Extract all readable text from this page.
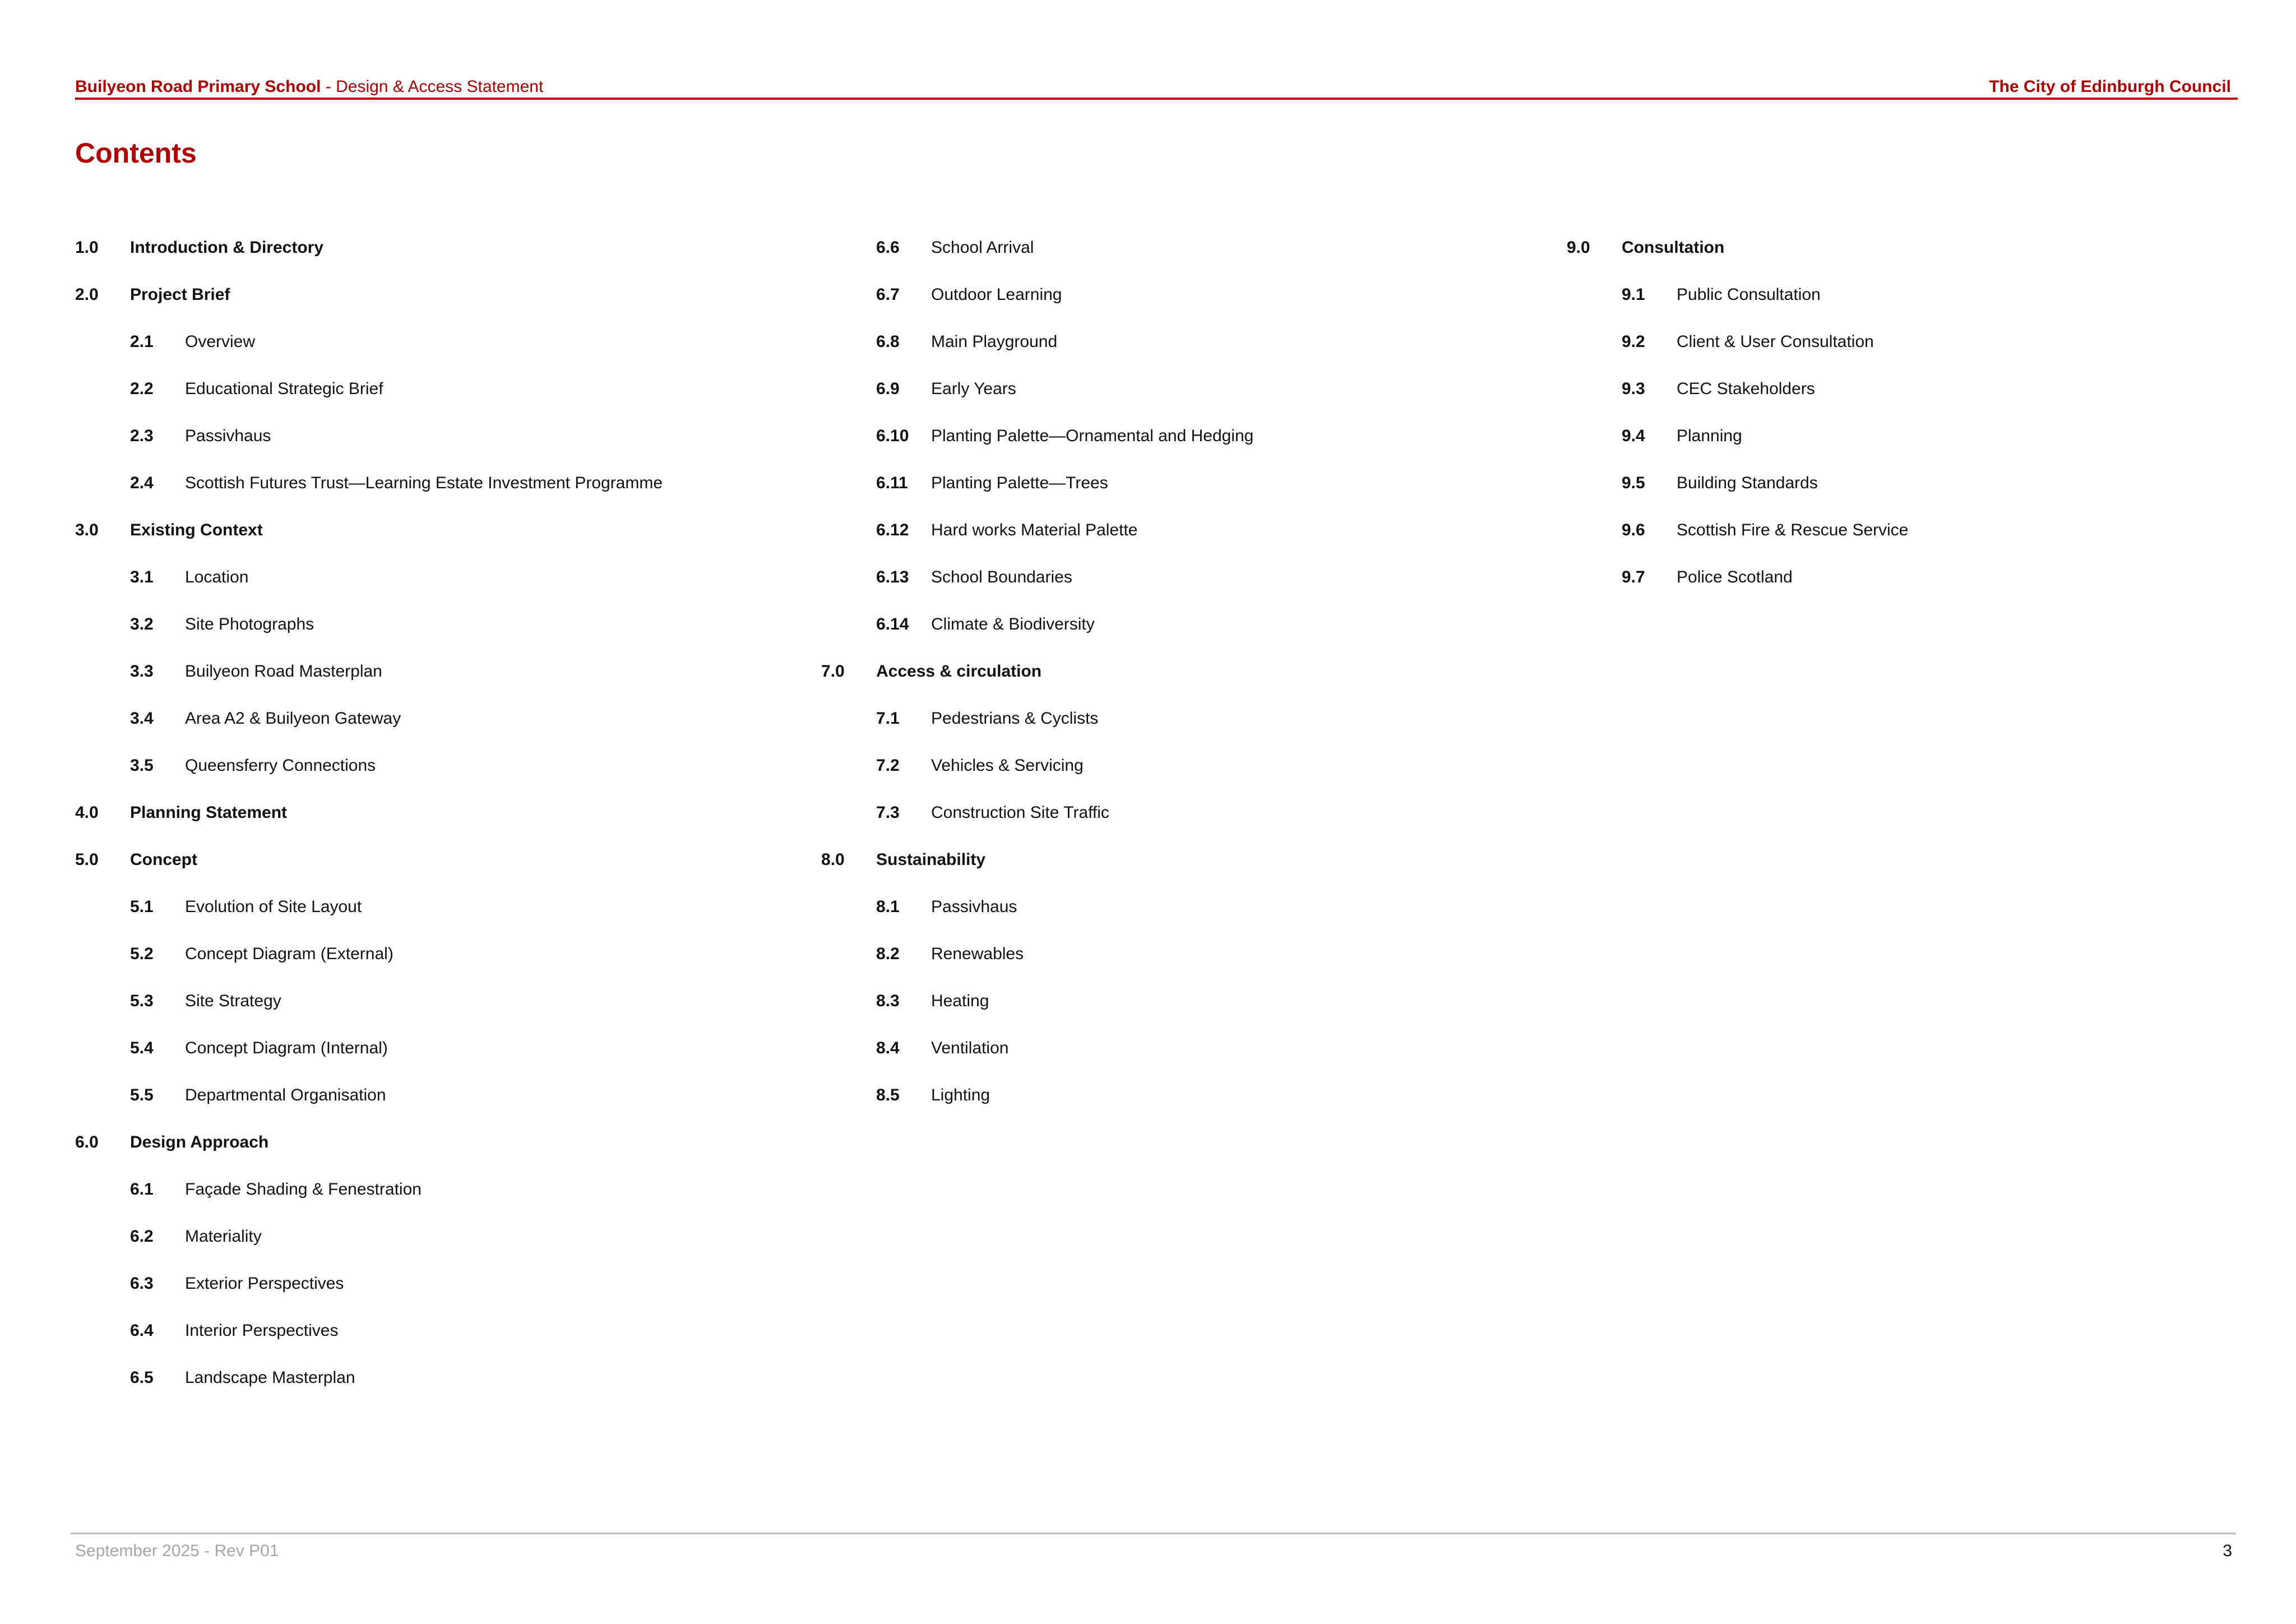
Builyeon Road Primary School - Design & Access Statement	The City of Edinburgh Council
Contents
1.0	Introduction & Directory
2.0	Project Brief
2.1	Overview
2.2	Educational Strategic Brief
2.3	Passivhaus
2.4	Scottish Futures Trust—Learning Estate Investment Programme
3.0	Existing Context
3.1	Location
3.2	Site Photographs
3.3	Builyeon Road Masterplan
3.4	Area A2 & Builyeon Gateway
3.5	Queensferry Connections
4.0	Planning Statement
5.0	Concept
5.1	Evolution of Site Layout
5.2	Concept Diagram (External)
5.3	Site Strategy
5.4	Concept Diagram (Internal)
5.5	Departmental Organisation
6.0	Design Approach
6.1	Façade Shading & Fenestration
6.2	Materiality
6.3	Exterior Perspectives
6.4	Interior Perspectives
6.5	Landscape Masterplan
6.6	School Arrival
6.7	Outdoor Learning
6.8	Main Playground
6.9	Early Years
6.10	Planting Palette—Ornamental and Hedging
6.11	Planting Palette—Trees
6.12	Hard works Material Palette
6.13	School Boundaries
6.14	Climate & Biodiversity
7.0	Access & circulation
7.1	Pedestrians & Cyclists
7.2	Vehicles & Servicing
7.3	Construction Site Traffic
8.0	Sustainability
8.1	Passivhaus
8.2	Renewables
8.3	Heating
8.4	Ventilation
8.5	Lighting
9.0	Consultation
9.1	Public Consultation
9.2	Client & User Consultation
9.3	CEC Stakeholders
9.4	Planning
9.5	Building Standards
9.6	Scottish Fire & Rescue Service
9.7	Police Scotland
September 2025 - Rev P01	3
